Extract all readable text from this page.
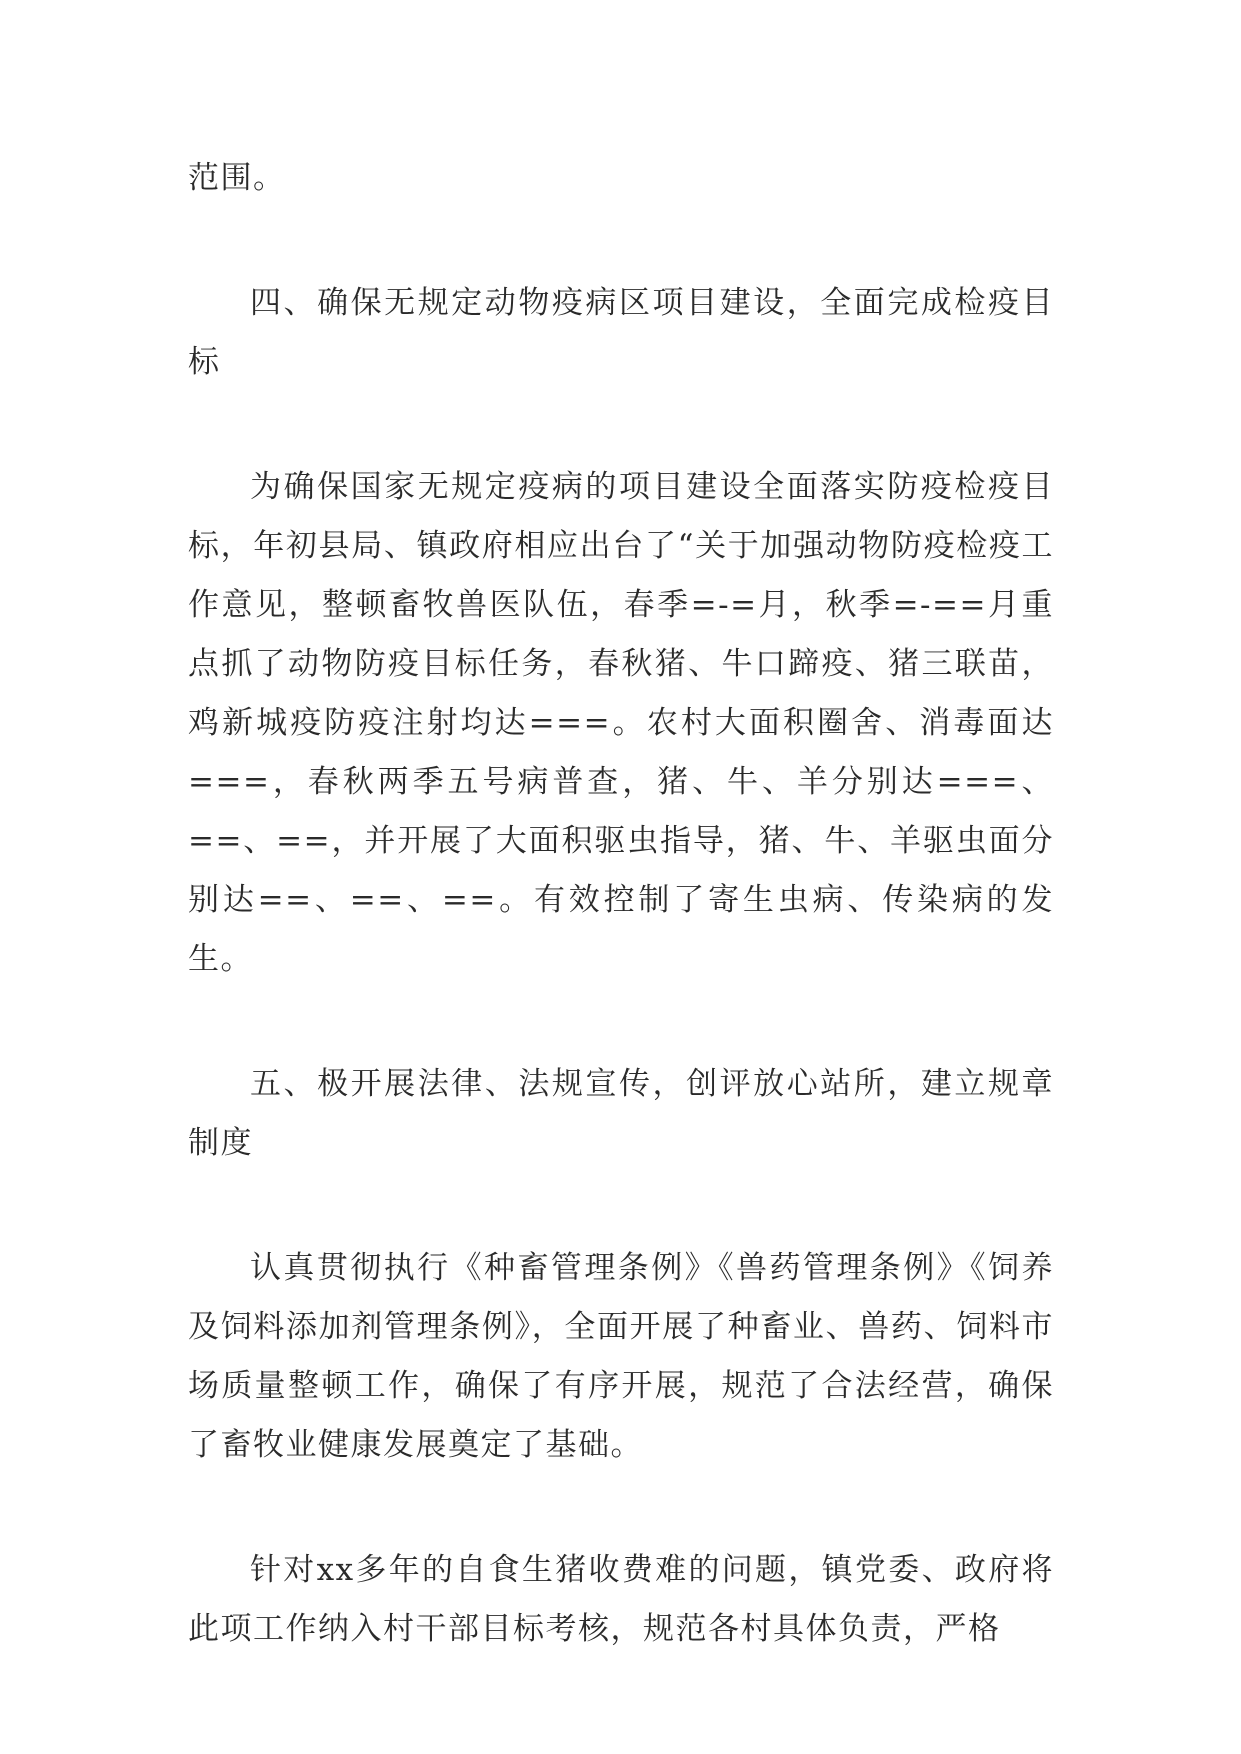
范围。

四、确保无规定动物疫病区项目建设，全面完成检疫目标

为确保国家无规定疫病的项目建设全面落实防疫检疫目标，年初县局、镇政府相应出台了“关于加强动物防疫检疫工作意见，整顿畜牧兽医队伍，春季=-=月，秋季=-==月重点抓了动物防疫目标任务，春秋猪、牛口蹄疫、猪三联苗，鸡新城疫防疫注射均达===。农村大面积圈舍、消毒面达===，春秋两季五号病普查，猪、牛、羊分别达===、==、==，并开展了大面积驱虫指导，猪、牛、羊驱虫面分别达==、==、==。有效控制了寄生虫病、传染病的发生。

五、极开展法律、法规宣传，创评放心站所，建立规章制度

认真贯彻执行《种畜管理条例》《兽药管理条例》《饲养及饲料添加剂管理条例》，全面开展了种畜业、兽药、饲料市场质量整顿工作，确保了有序开展，规范了合法经营，确保了畜牧业健康发展奠定了基础。

针对xx多年的自食生猪收费难的问题，镇党委、政府将此项工作纳入村干部目标考核，规范各村具体负责，严格
